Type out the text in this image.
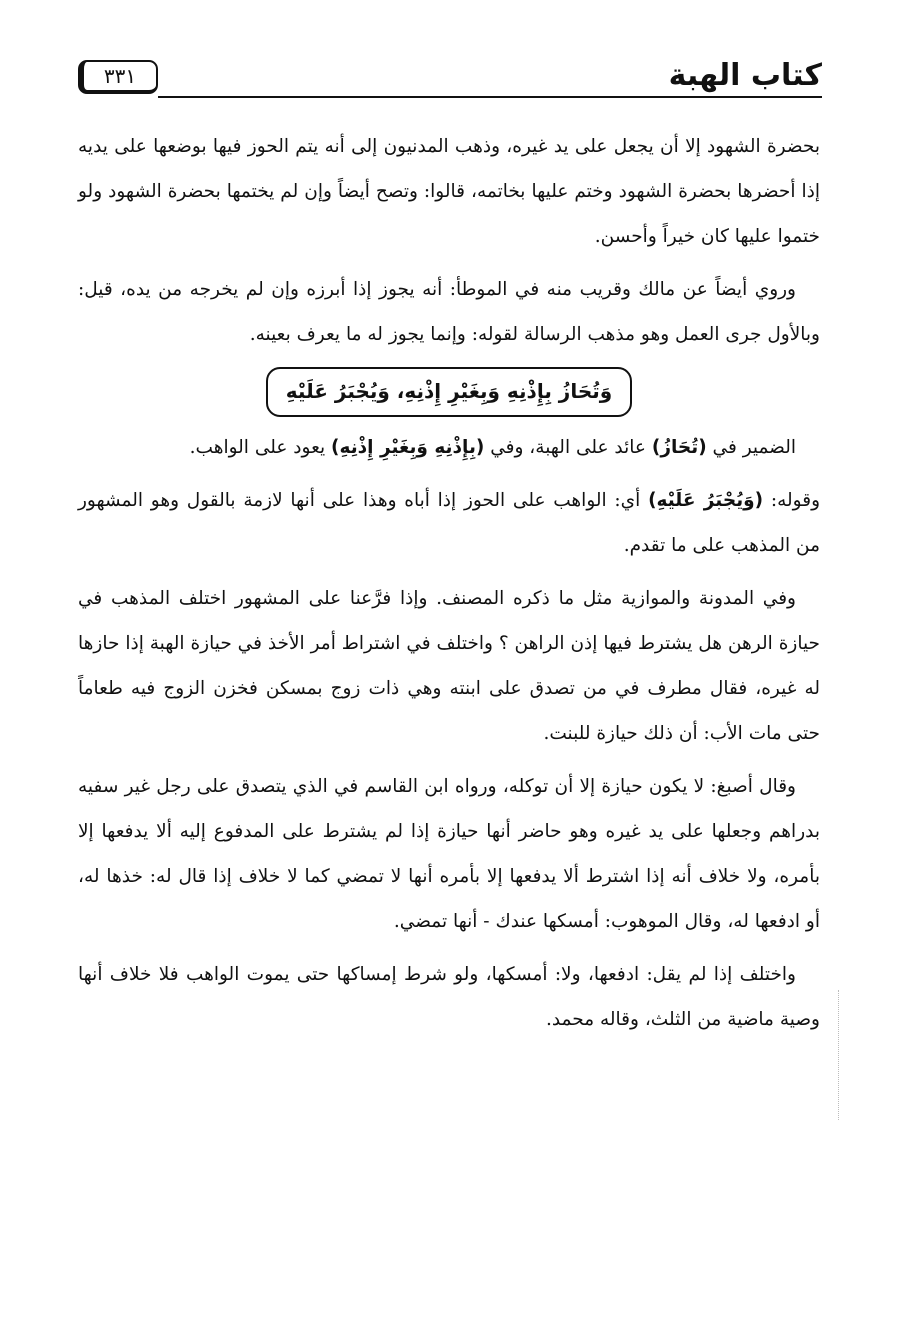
كتاب الهبة
٣٣١

بحضرة الشهود إلا أن يجعل على يد غيره، وذهب المدنيون إلى أنه يتم الحوز فيها بوضعها على يديه إذا أحضرها بحضرة الشهود وختم عليها بخاتمه، قالوا: وتصح أيضاً وإن لم يختمها بحضرة الشهود ولو ختموا عليها كان خيراً وأحسن.

وروي أيضاً عن مالك وقريب منه في الموطأ: أنه يجوز إذا أبرزه وإن لم يخرجه من يده، قيل: وبالأول جرى العمل وهو مذهب الرسالة لقوله: وإنما يجوز له ما يعرف بعينه.

وَتُحَازُ بِإِذْنِهِ وَبِغَيْرِ إِذْنِهِ، وَيُجْبَرُ عَلَيْهِ

الضمير في (تُحَازُ) عائد على الهبة، وفي (بِإِذْنِهِ وَبِغَيْرِ إِذْنِهِ) يعود على الواهب.

وقوله: (وَيُجْبَرُ عَلَيْهِ) أي: الواهب على الحوز إذا أباه وهذا على أنها لازمة بالقول وهو المشهور من المذهب على ما تقدم.

وفي المدونة والموازية مثل ما ذكره المصنف. وإذا فرَّعنا على المشهور اختلف المذهب في حيازة الرهن هل يشترط فيها إذن الراهن ؟ واختلف في اشتراط أمر الأخذ في حيازة الهبة إذا حازها له غيره، فقال مطرف في من تصدق على ابنته وهي ذات زوج بمسكن فخزن الزوج فيه طعاماً حتى مات الأب: أن ذلك حيازة للبنت.

وقال أصبغ: لا يكون حيازة إلا أن توكله، ورواه ابن القاسم في الذي يتصدق على رجل غير سفيه بدراهم وجعلها على يد غيره وهو حاضر أنها حيازة إذا لم يشترط على المدفوع إليه ألا يدفعها إلا بأمره، ولا خلاف أنه إذا اشترط ألا يدفعها إلا بأمره أنها لا تمضي كما لا خلاف إذا قال له: خذها له، أو ادفعها له، وقال الموهوب: أمسكها عندك - أنها تمضي.

واختلف إذا لم يقل: ادفعها، ولا: أمسكها، ولو شرط إمساكها حتى يموت الواهب فلا خلاف أنها وصية ماضية من الثلث، وقاله محمد.
